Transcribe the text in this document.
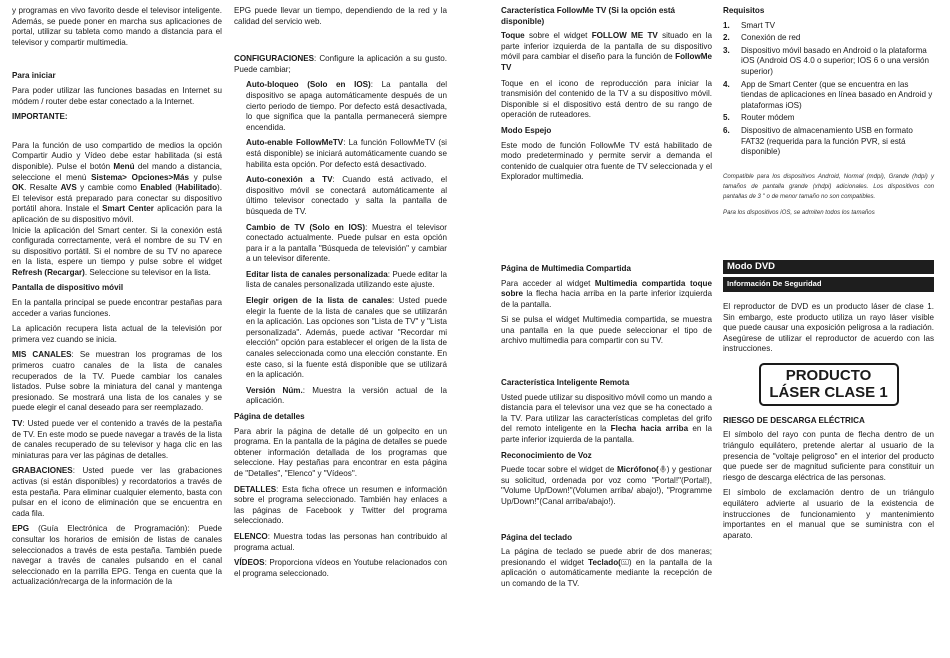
y programas en vivo favorito desde el televisor inteligente. Además, se puede poner en marcha sus aplicaciones de portal, utilizar su tableta como mando a distancia para el televisor y compartir multimedia.

Para iniciar

Para poder utilizar las funciones basadas en Internet su módem / router debe estar conectado a la Internet.

IMPORTANTE:

Para la función de uso compartido de medios la opción Compartir Audio y Vídeo debe estar habilitada (si está disponible). Pulse el botón Menú del mando a distancia, seleccione el menú Sistema> Opciones>Más y pulse OK. Resalte AVS y cambie como Enabled (Habilitado). El televisor está preparado para conectar su dispositivo portátil ahora. Instale el Smart Center aplicación para la aplicación de su dispositivo móvil.

Inicie la aplicación del Smart center. Si la conexión está configurada correctamente, verá el nombre de su TV en su dispositivo portátil. Si el nombre de su TV no aparece en la lista, espere un tiempo y pulse sobre el widget Refresh (Recargar). Seleccione su televisor en la lista.

Pantalla de dispositivo móvil

En la pantalla principal se puede encontrar pestañas para acceder a varias funciones.

La aplicación recupera lista actual de la televisión por primera vez cuando se inicia.

MIS CANALES: Se muestran los programas de los primeros cuatro canales de la lista de canales recuperados de la TV. Puede cambiar los canales listados. Pulse sobre la miniatura del canal y mantenga presionado. Se mostrará una lista de los canales y se puede elegir el canal deseado para ser reemplazado.

TV: Usted puede ver el contenido a través de la pestaña de TV. En este modo se puede navegar a través de la lista de canales recuperado de su televisor y haga clic en las miniaturas para ver las páginas de detalles.

GRABACIONES: Usted puede ver las grabaciones activas (si están disponibles) y recordatorios a través de esta pestaña. Para eliminar cualquier elemento, basta con pulsar en el icono de eliminación que se encuentra en cada fila.

EPG (Guía Electrónica de Programación): Puede consultar los horarios de emisión de listas de canales seleccionados a través de esta pestaña. También puede navegar a través de canales pulsando en el canal seleccionado en la parrilla EPG. Tenga en cuenta que la actualización/recarga de la información de la

EPG puede llevar un tiempo, dependiendo de la red y la calidad del servicio web.

CONFIGURACIONES: Configure la aplicación a su gusto. Puede cambiar;

Auto-bloqueo (Solo en IOS): La pantalla del dispositivo se apaga automáticamente después de un cierto periodo de tiempo. Por defecto está desactivada, lo que significa que la pantalla permanecerá siempre encendida.

Auto-enable FollowMeTV: La función FollowMeTV (si está disponible) se iniciará automáticamente cuando se habilita esta opción. Por defecto está desactivado.

Auto-conexión a TV: Cuando está activado, el dispositivo móvil se conectará automáticamente al último televisor conectado y salta la pantalla de búsqueda de TV.

Cambio de TV (Solo en IOS): Muestra el televisor conectado actualmente. Puede pulsar en esta opción para ir a la pantalla "Búsqueda de televisión" y cambiar a un televisor diferente.

Editar lista de canales personalizada: Puede editar la lista de canales personalizada utilizando este ajuste.

Elegir origen de la lista de canales: Usted puede elegir la fuente de la lista de canales que se utilizarán en la aplicación. Las opciones son "Lista de TV" y "Lista personalizada". Además, puede activar "Recordar mi elección" opción para establecer el origen de la lista de canales seleccionada como una elección constante. En este caso, si la fuente está disponible que se utilizará en la aplicación.

Versión Núm.: Muestra la versión actual de la aplicación.

Página de detalles

Para abrir la página de detalle dé un golpecito en un programa. En la pantalla de la página de detalles se puede obtener información detallada de los programas que seleccione. Hay pestañas para encontrar en esta página de "Detalles", "Elenco" y "Vídeos".

DETALLES: Esta ficha ofrece un resumen e información sobre el programa seleccionado. También hay enlaces a las páginas de Facebook y Twitter del programa seleccionado.

ELENCO: Muestra todas las personas han contribuido al programa actual.

VÍDEOS: Proporciona vídeos en Youtube relacionados con el programa seleccionado.

Característica FollowMe TV (Si la opción está disponible)

Toque sobre el widget FOLLOW ME TV situado en la parte inferior izquierda de la pantalla de su dispositivo móvil para cambiar el diseño para la función de FollowMe TV

Toque en el icono de reproducción para iniciar la transmisión del contenido de la TV a su dispositivo móvil. Disponible si el dispositivo está dentro de su rango de operación de ruteadores.

Modo Espejo

Este modo de función FollowMe TV está habilitado de modo predeterminado y permite servir a demanda el contenido de cualquier otra fuente de TV seleccionada y el Explorador multimedia.

Página de Multimedia Compartida

Para acceder al widget Multimedia compartida toque sobre la flecha hacia arriba en la parte inferior izquierda de la pantalla.

Si se pulsa el widget Multimedia compartida, se muestra una pantalla en la que puede seleccionar el tipo de archivo multimedia para compartir con su TV.

Característica Inteligente Remota

Usted puede utilizar su dispositivo móvil como un mando a distancia para el televisor una vez que se ha conectado a la TV. Para utilizar las características completas del grifo del remoto inteligente en la Flecha hacia arriba en la parte inferior izquierda de la pantalla.

Reconocimiento de Voz

Puede tocar sobre el widget de Micrófono( ) y gestionar su solicitud, ordenada por voz como "Portal!"(Portal!), "Volume Up/Down!"(Volumen arriba/ abajo!), "Programme Up/Down!"(Canal arriba/abajo!).

Página del teclado

La página de teclado se puede abrir de dos maneras; presionando el widget Teclado( ) en la pantalla de la aplicación o automáticamente mediante la recepción de un comando de la TV.

Requisitos
1. Smart TV
2. Conexión de red
3. Dispositivo móvil basado en Android o la plataforma iOS (Android OS 4.0 o superior; IOS 6 o una versión superior)
4. App de Smart Center (que se encuentra en las tiendas de aplicaciones en línea basado en Android y plataformas iOS)
5. Router módem
6. Dispositivo de almacenamiento USB en formato FAT32 (requerida para la función PVR, si está disponible)

Compatible para los dispositivos Android, Normal (mdpi), Grande (hdpi) y tamaños de pantalla grande (xhdpi) adicionales. Los dispositivos con pantallas de 3 " o de menor tamaño no son compatibles.

Para los dispositivos iOS, se admiten todos los tamaños

Modo DVD
Información De Seguridad

El reproductor de DVD es un producto láser de clase 1. Sin embargo, este producto utiliza un rayo láser visible que puede causar una exposición peligrosa a la radiación. Asegúrese de utilizar el reproductor de acuerdo con las instrucciones.

PRODUCTO
LÁSER CLASE 1
RIESGO DE DESCARGA ELÉCTRICA

El símbolo del rayo con punta de flecha dentro de un triángulo equilátero, pretende alertar al usuario de la presencia de "voltaje peligroso" en el interior del producto que puede ser de magnitud suficiente para constituir un riesgo de descarga eléctrica de las personas.

El símbolo de exclamación dentro de un triángulo equilátero advierte al usuario de la existencia de instrucciones de funcionamiento y mantenimiento importantes en el manual que se suministra con el aparato.
